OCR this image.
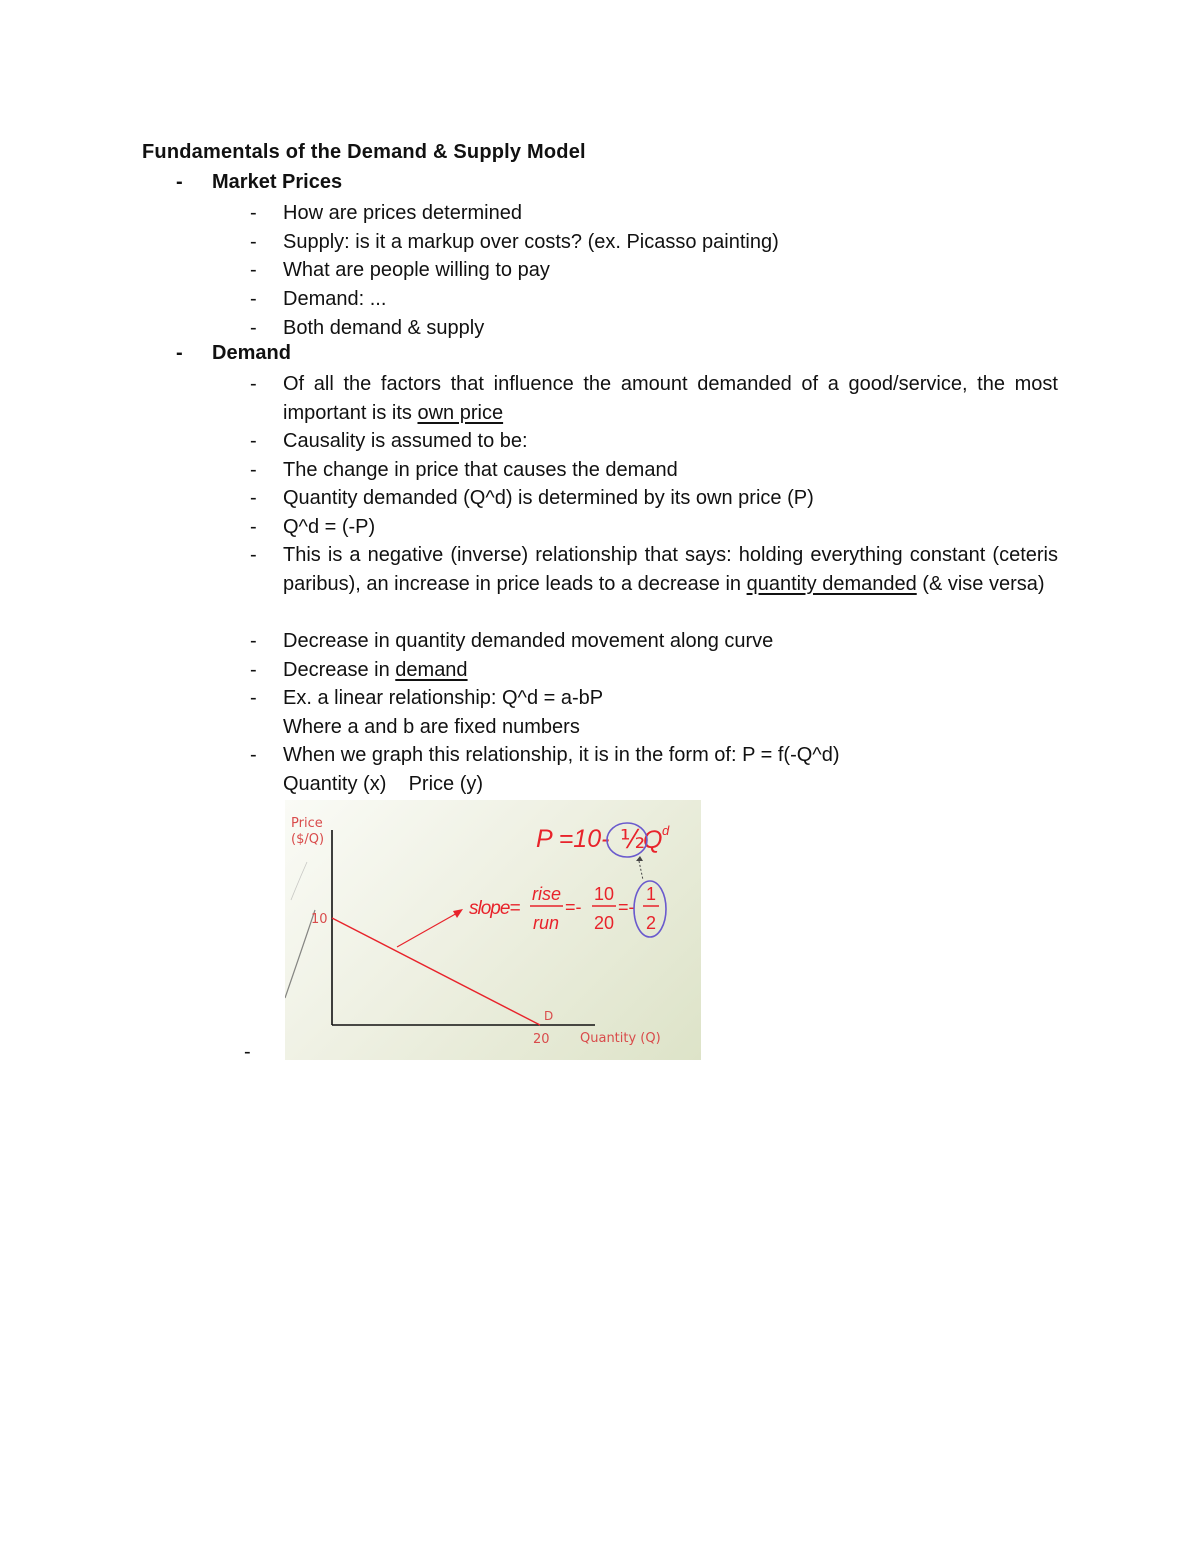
Fundamentals of the Demand & Supply Model
- Market Prices
- How are prices determined
- Supply: is it a markup over costs? (ex. Picasso painting)
- What are people willing to pay
- Demand: ...
- Both demand & supply
- Demand
- Of all the factors that influence the amount demanded of a good/service, the most important is its own price
- Causality is assumed to be:
- The change in price that causes the demand
- Quantity demanded (Q^d) is determined by its own price (P)
- Q^d = (-P)
- This is a negative (inverse) relationship that says: holding everything constant (ceteris paribus), an increase in price leads to a decrease in quantity demanded (& vise versa)
- Decrease in quantity demanded movement along curve
- Decrease in demand
- Ex. a linear relationship: Q^d = a-bP

Where a and b are fixed numbers

- When we graph this relationship, it is in the form of: P = f(-Q^d)

Quantity (x)    Price (y)

Price
($/Q)
Quantity (Q)
10
20
D
P =10- ½
Q d
slope=
rise
run
=-
10
20
=-
1
2
-
